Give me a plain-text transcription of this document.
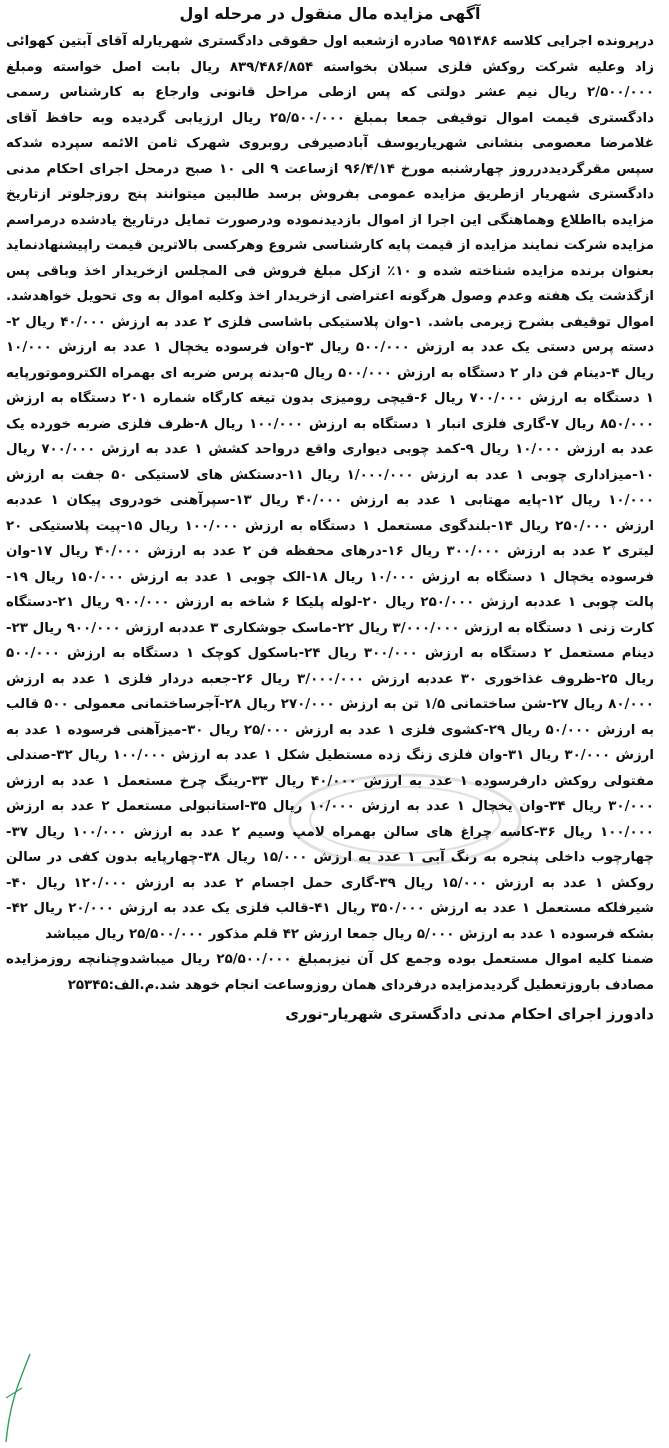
آگهی مزایده مال منقول در مرحله اول

درپرونده اجرایی کلاسه ۹۵۱۴۸۶ صادره ازشعبه اول حقوقی دادگستری شهریارله آقای آبتین کهوائی زاد وعلیه شرکت روکش فلزی سبلان بخواسته ۸۳۹/۴۸۶/۸۵۴ ریال بابت اصل خواسته ومبلغ ۲/۵۰۰/۰۰۰ ریال نیم عشر دولتی که پس ازطی مراحل قانونی وارجاع به کارشناس رسمی دادگستری قیمت اموال توقیفی جمعا بمبلغ ۲۵/۵۰۰/۰۰۰ ریال ارزیابی گردیده وبه حافظ آقای غلامرضا معصومی بنشانی شهریاریوسف آبادصیرفی روبروی شهرک ثامن الائمه سپرده شدکه سپس مقرگردیددرروز چهارشنبه مورخ ۹۶/۴/۱۴ ازساعت ۹ الی ۱۰ صبح درمحل اجرای احکام مدنی دادگستری شهریار ازطریق مزایده عمومی بفروش برسد طالبین میتوانند پنج روزجلوتر ازتاریخ مزایده بااطلاع وهماهنگی این اجرا از اموال بازدیدنموده ودرصورت تمایل درتاریخ یادشده درمراسم مزایده شرکت نمایند مزایده از قیمت پایه کارشناسی شروع وهرکسی بالاترین قیمت راپیشنهادنماید بعنوان برنده مزایده شناخته شده و ۱۰٪ ازکل مبلغ فروش فی المجلس ازخریدار اخذ وباقی پس ازگذشت یک هفته وعدم وصول هرگونه اعتراضی ازخریدار اخذ وکلیه اموال به وی تحویل خواهدشد. اموال توقیفی بشرح زیرمی باشد. ۱-وان پلاستیکی باشاسی فلزی ۲ عدد به ارزش ۴۰/۰۰۰ ریال ۲-دسته پرس دستی یک عدد به ارزش ۵۰۰/۰۰۰ ریال ۳-وان فرسوده یخچال ۱ عدد به ارزش ۱۰/۰۰۰ ریال ۴-دینام فن دار ۲ دستگاه به ارزش ۵۰۰/۰۰۰ ریال ۵-بدنه پرس ضربه ای بهمراه الکتروموتورپایه ۱ دستگاه به ارزش ۷۰۰/۰۰۰ ریال ۶-قیچی رومیزی بدون تیغه کارگاه شماره ۲۰۱ دستگاه به ارزش ۸۵۰/۰۰۰ ریال ۷-گاری فلزی انبار ۱ دستگاه به ارزش ۱۰۰/۰۰۰ ریال ۸-ظرف فلزی ضربه خورده یک عدد به ارزش ۱۰/۰۰۰ ریال ۹-کمد چوبی دیواری واقع درواحد کشش ۱ عدد به ارزش ۷۰۰/۰۰۰ ریال ۱۰-میزاداری چوبی ۱ عدد به ارزش ۱/۰۰۰/۰۰۰ ریال ۱۱-دستکش های لاستیکی ۵۰ جفت به ارزش ۱۰/۰۰۰ ریال ۱۲-پایه مهتابی ۱ عدد به ارزش ۴۰/۰۰۰ ریال ۱۳-سپرآهنی خودروی پیکان ۱ عددبه ارزش ۲۵۰/۰۰۰ ریال ۱۴-بلندگوی مستعمل ۱ دستگاه به ارزش ۱۰۰/۰۰۰ ریال ۱۵-پیت پلاستیکی ۲۰ لیتری ۲ عدد به ارزش ۳۰۰/۰۰۰ ریال ۱۶-درهای محفظه فن ۲ عدد به ارزش ۴۰/۰۰۰ ریال ۱۷-وان فرسوده یخچال ۱ دستگاه به ارزش ۱۰/۰۰۰ ریال ۱۸-الک چوبی ۱ عدد به ارزش ۱۵۰/۰۰۰ ریال ۱۹-پالت چوبی ۱ عددبه ارزش ۲۵۰/۰۰۰ ریال ۲۰-لوله پلیکا ۶ شاخه به ارزش ۹۰۰/۰۰۰ ریال ۲۱-دستگاه کارت زنی ۱ دستگاه به ارزش ۳/۰۰۰/۰۰۰ ریال ۲۲-ماسک جوشکاری ۳ عددبه ارزش ۹۰۰/۰۰۰ ریال ۲۳-دینام مستعمل ۲ دستگاه به ارزش ۳۰۰/۰۰۰ ریال ۲۴-باسکول کوچک ۱ دستگاه به ارزش ۵۰۰/۰۰۰ ریال ۲۵-ظروف غذاخوری ۳۰ عددبه ارزش ۳/۰۰۰/۰۰۰ ریال ۲۶-جعبه دردار فلزی ۱ عدد به ارزش ۸۰/۰۰۰ ریال ۲۷-شن ساختمانی ۱/۵ تن به ارزش ۲۷۰/۰۰۰ ریال ۲۸-آجرساختمانی معمولی ۵۰۰ قالب به ارزش ۵۰/۰۰۰ ریال ۲۹-کشوی فلزی ۱ عدد به ارزش ۲۵/۰۰۰ ریال ۳۰-میزآهنی فرسوده ۱ عدد به ارزش ۳۰/۰۰۰ ریال ۳۱-وان فلزی زنگ زده مستطیل شکل ۱ عدد به ارزش ۱۰۰/۰۰۰ ریال ۳۲-صندلی مفتولی روکش دارفرسوده ۱ عدد به ارزش ۴۰/۰۰۰ ریال ۳۳-رینگ چرخ مستعمل ۱ عدد به ارزش ۳۰/۰۰۰ ریال ۳۴-وان یخچال ۱ عدد به ارزش ۱۰/۰۰۰ ریال ۳۵-استانبولی مستعمل ۲ عدد به ارزش ۱۰۰/۰۰۰ ریال ۳۶-کاسه چراغ های سالن بهمراه لامپ وسیم ۲ عدد به ارزش ۱۰۰/۰۰۰ ریال ۳۷-چهارچوب داخلی پنجره به رنگ آبی ۱ عدد به ارزش ۱۵/۰۰۰ ریال ۳۸-چهارپایه بدون کفی در سالن روکش ۱ عدد به ارزش ۱۵/۰۰۰ ریال ۳۹-گاری حمل اجسام ۲ عدد به ارزش ۱۲۰/۰۰۰ ریال ۴۰-شیرفلکه مستعمل ۱ عدد به ارزش ۳۵۰/۰۰۰ ریال ۴۱-قالب فلزی یک عدد به ارزش ۲۰/۰۰۰ ریال ۴۲-بشکه فرسوده ۱ عدد به ارزش ۵/۰۰۰ ریال جمعا ارزش ۴۲ قلم مذکور ۲۵/۵۰۰/۰۰۰ ریال میباشد

ضمنا کلیه اموال مستعمل بوده وجمع کل آن نیزبمبلغ ۲۵/۵۰۰/۰۰۰ ریال میباشدوچنانچه روزمزایده مصادف باروزتعطیل گردیدمزایده درفردای همان روزوساعت انجام خوهد شد.م.الف:۲۵۳۴۵

دادورز اجرای احکام مدنی دادگستری شهریار-نوری
